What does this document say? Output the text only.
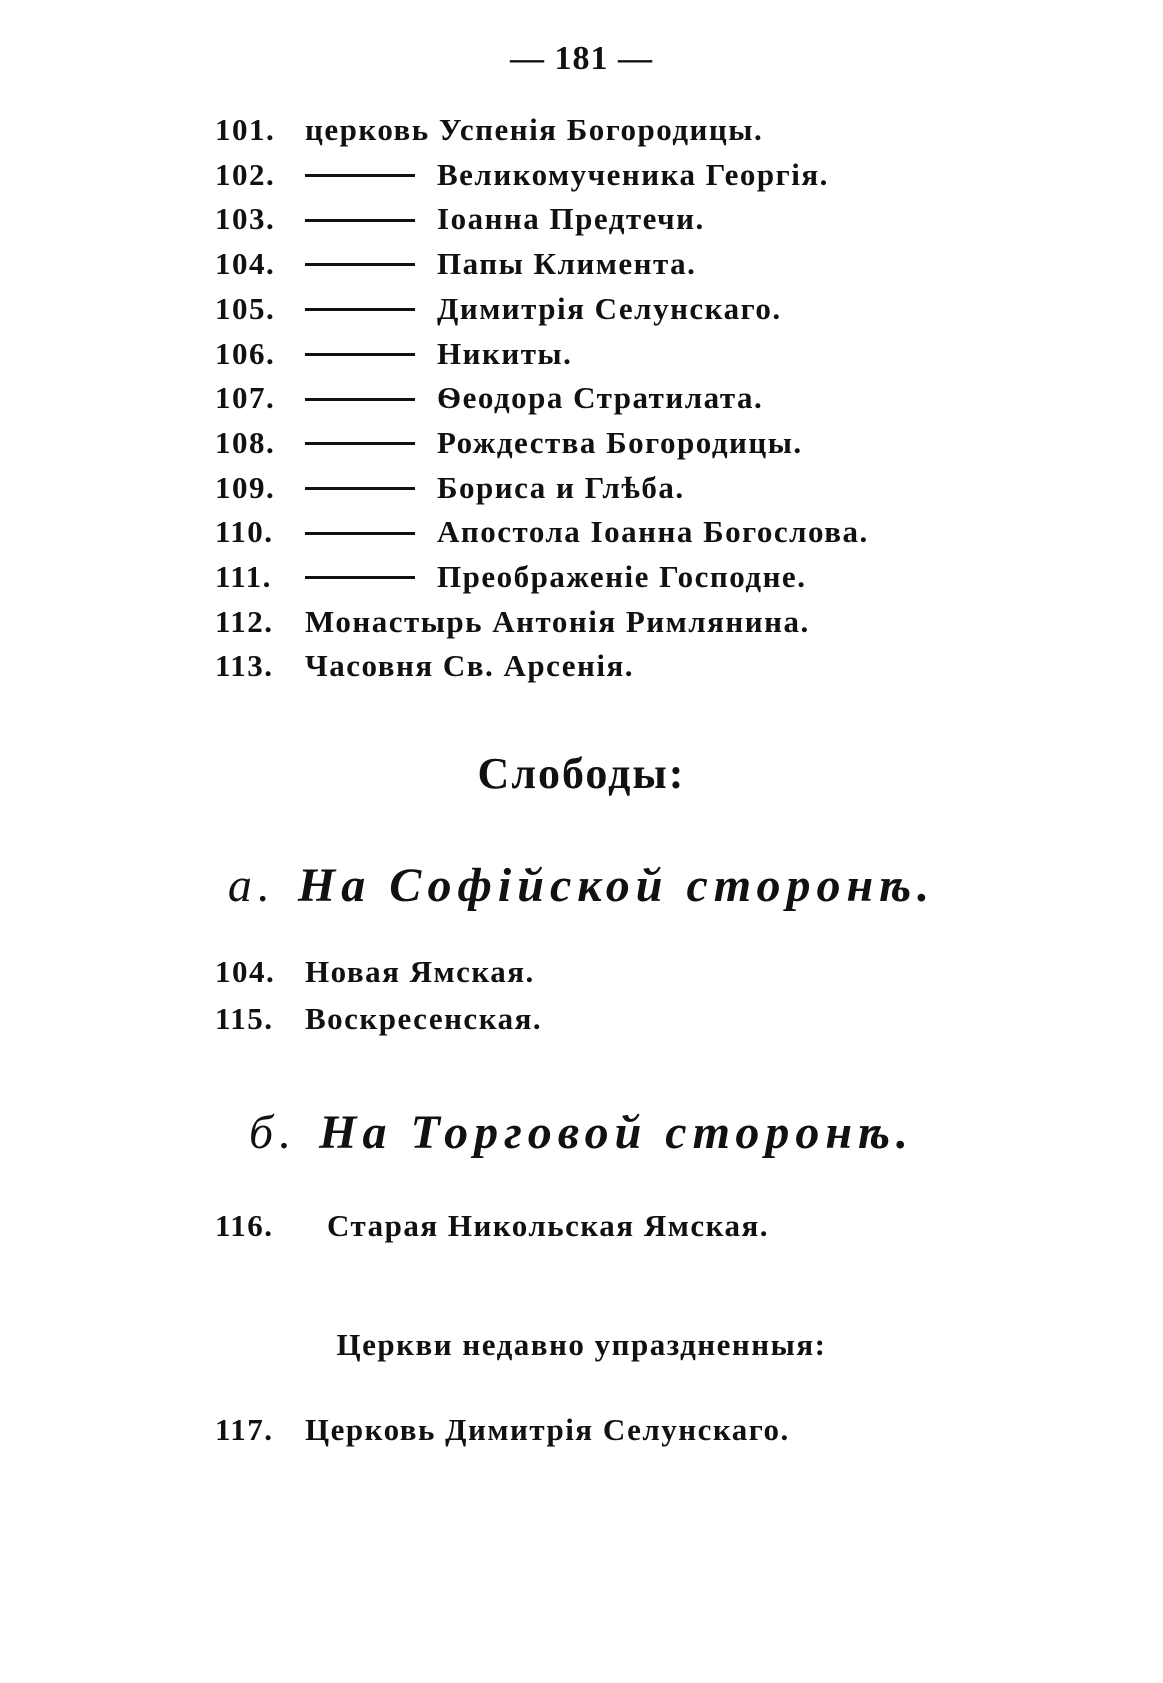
— 181 —
101. церковь Успенія Богородицы.
102.	Великомученика Георгія.
103.	Іоанна Предтечи.
104.	Папы Климента.
105.	Димитрія Селунскаго.
106.	Никиты.
107.	Ѳеодора Стратилата.
108.	Рождества Богородицы.
109.	Бориса и Глѣба.
110.	Апостола Іоанна Богослова.
111.	Преображеніе Господне.
112. Монастырь Антонія Римлянина.
113. Часовня Св. Арсенія.
Слободы:
а. На Софійской сторонѣ.
104. Новая Ямская.
115. Воскресенская.
б. На Торговой сторонѣ.
116. Старая Никольская Ямская.
Церкви недавно упраздненныя:
117. Церковь Димитрія Селунскаго.
